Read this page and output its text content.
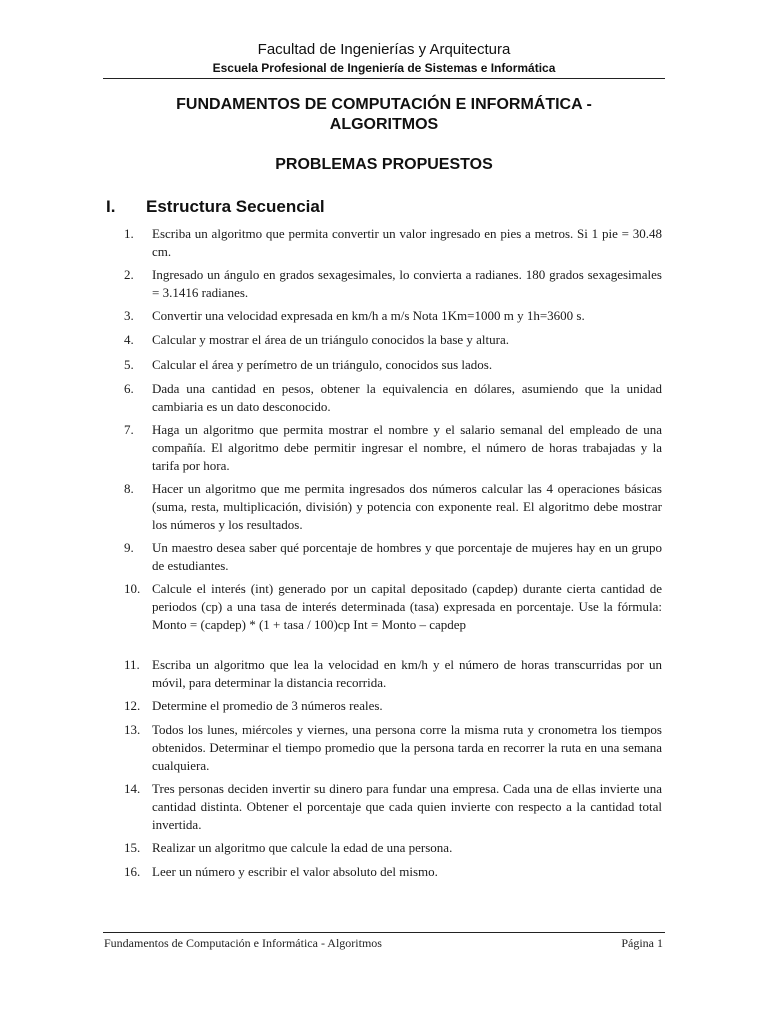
Facultad de Ingenierías y Arquitectura
Escuela Profesional de Ingeniería de Sistemas e Informática
FUNDAMENTOS DE COMPUTACIÓN E INFORMÁTICA -
ALGORITMOS
PROBLEMAS PROPUESTOS
I. Estructura Secuencial
1.	Escriba un algoritmo que permita convertir un valor ingresado en pies a metros. Si 1 pie = 30.48 cm.
2.	Ingresado un ángulo en grados sexagesimales, lo convierta a radianes. 180 grados sexagesimales = 3.1416 radianes.
3.	Convertir una velocidad expresada en km/h a m/s Nota 1Km=1000 m y 1h=3600 s.
4.	Calcular y mostrar el área de un triángulo conocidos la base y altura.
5.	Calcular el área y perímetro de un triángulo, conocidos sus lados.
6.	Dada una cantidad en pesos, obtener la equivalencia en dólares, asumiendo que la unidad cambiaria es un dato desconocido.
7.	Haga un algoritmo que permita mostrar el nombre y el salario semanal del empleado de una compañía. El algoritmo debe permitir ingresar el nombre, el número de horas trabajadas y la tarifa por hora.
8.	Hacer un algoritmo que me permita ingresados dos números calcular las 4 operaciones básicas (suma, resta, multiplicación, división) y potencia con exponente real. El algoritmo debe mostrar los números y los resultados.
9.	Un maestro desea saber qué porcentaje de hombres y que porcentaje de mujeres hay en un grupo de estudiantes.
10. Calcule el interés (int) generado por un capital depositado (capdep) durante cierta cantidad de periodos (cp) a una tasa de interés determinada (tasa) expresada en porcentaje. Use la fórmula: Monto = (capdep) * (1 + tasa / 100)cp Int = Monto – capdep
11. Escriba un algoritmo que lea la velocidad en km/h y el número de horas transcurridas por un móvil, para determinar la distancia recorrida.
12. Determine el promedio de 3 números reales.
13. Todos los lunes, miércoles y viernes, una persona corre la misma ruta y cronometra los tiempos obtenidos. Determinar el tiempo promedio que la persona tarda en recorrer la ruta en una semana cualquiera.
14. Tres personas deciden invertir su dinero para fundar una empresa. Cada una de ellas invierte una cantidad distinta. Obtener el porcentaje que cada quien invierte con respecto a la cantidad total invertida.
15. Realizar un algoritmo que calcule la edad de una persona.
16. Leer un número y escribir el valor absoluto del mismo.
Fundamentos de Computación e Informática - Algoritmos	Página 1
